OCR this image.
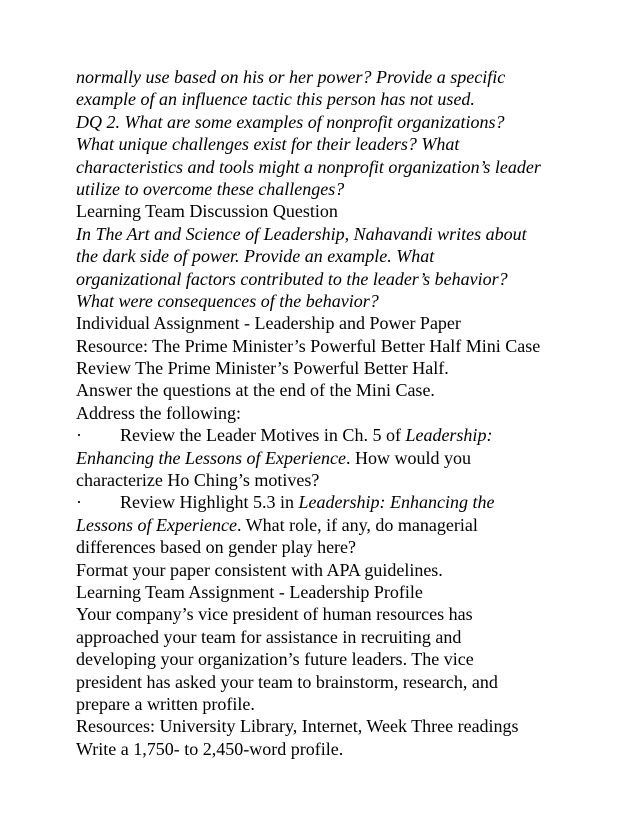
normally use based on his or her power? Provide a specific
example of an influence tactic this person has not used.
DQ 2. What are some examples of nonprofit organizations?
What unique challenges exist for their leaders? What
characteristics and tools might a nonprofit organization’s leader
utilize to overcome these challenges?
Learning Team Discussion Question
In The Art and Science of Leadership, Nahavandi writes about
the dark side of power. Provide an example. What
organizational factors contributed to the leader’s behavior?
What were consequences of the behavior?
Individual Assignment - Leadership and Power Paper
Resource: The Prime Minister’s Powerful Better Half Mini Case
Review The Prime Minister’s Powerful Better Half.
Answer the questions at the end of the Mini Case.
Address the following:
· Review the Leader Motives in Ch. 5 of Leadership:
Enhancing the Lessons of Experience. How would you
characterize Ho Ching’s motives?
· Review Highlight 5.3 in Leadership: Enhancing the
Lessons of Experience. What role, if any, do managerial
differences based on gender play here?
Format your paper consistent with APA guidelines.
Learning Team Assignment - Leadership Profile
Your company’s vice president of human resources has
approached your team for assistance in recruiting and
developing your organization’s future leaders. The vice
president has asked your team to brainstorm, research, and
prepare a written profile.
Resources: University Library, Internet, Week Three readings
Write a 1,750- to 2,450-word profile.
